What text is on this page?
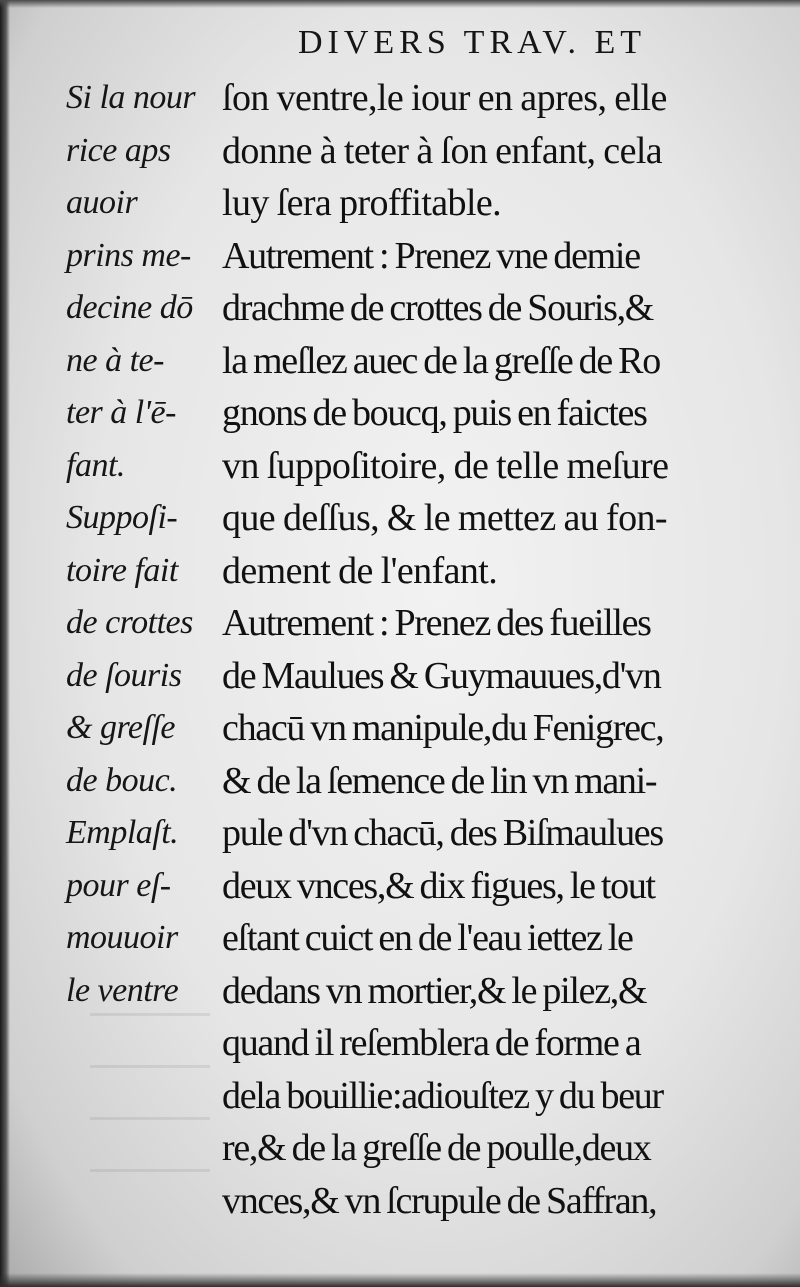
DIVERS TRAV. ET
Si la nour
rice aps
auoir
prins me-
decine dō
ne à te-
ter à l'ē-
fant.
Suppoſi-
toire fait
de crottes
de ſouris
& greſſe
de bouc.
Emplaſt.
pour eſ-
mouuoir
le ventre
ſon ventre,le iour en apres, elle
donne à teter à ſon enfant, cela
luy ſera proffitable.
Autrement : Prenez vne demie
drachme de crottes de Souris,&
la meſlez auec de la greſſe de Ro
gnons de boucq, puis en faictes
vn ſuppoſitoire, de telle meſure
que deſſus, & le mettez au fon-
dement de l'enfant.
Autrement : Prenez des fueilles
de Maulues & Guymauues,d'vn
chacū vn manipule,du Fenigrec,
& de la ſemence de lin vn mani-
pule d'vn chacū, des Biſmaulues
deux vnces,& dix figues, le tout
eſtant cuict en de l'eau iettez le
dedans vn mortier,& le pilez,&
quand il reſemblera de forme a
dela bouillie:adiouſtez y du beur
re,& de la greſſe de poulle,deux
vnces,& vn ſcrupule de Saffran,
